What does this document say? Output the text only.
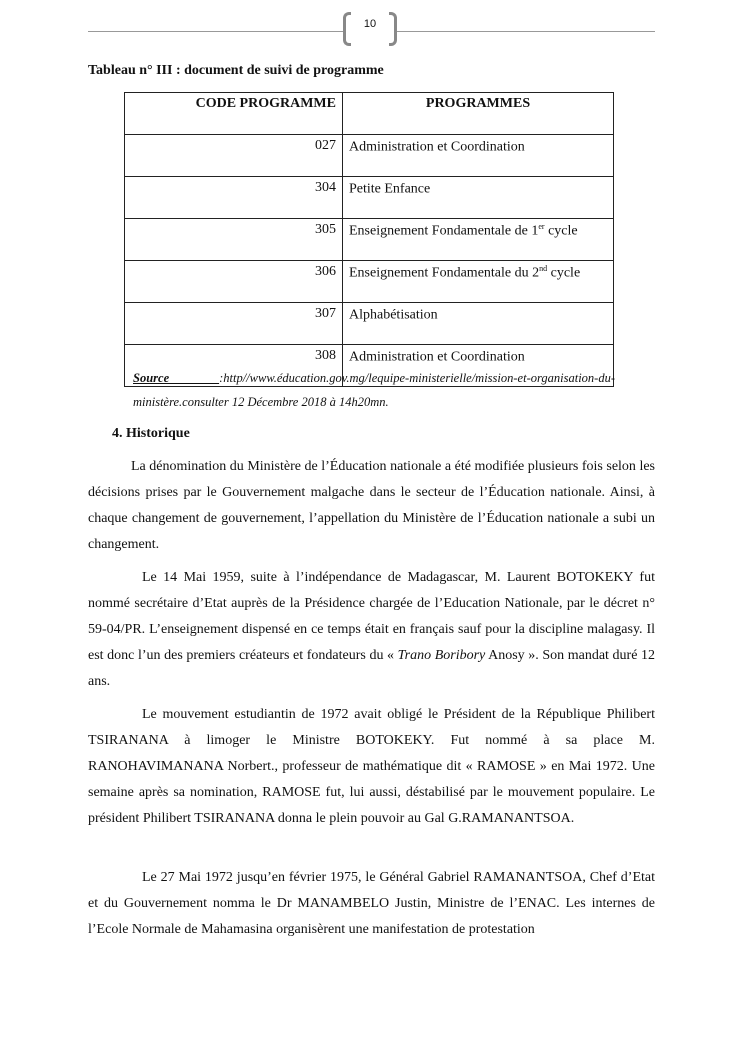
10
Tableau n° III : document de suivi de programme
CODE PROGRAMME	PROGRAMMES
027	Administration et Coordination
304	Petite Enfance
305	Enseignement Fondamentale de 1er cycle
306	Enseignement Fondamentale du 2nd cycle
307	Alphabétisation
308	Administration et Coordination
Source :http//www.éducation.gov.mg/lequipe-ministerielle/mission-et-organisation-du-ministère.consulter 12 Décembre 2018 à 14h20mn.
4. Historique
La dénomination du Ministère de l’Éducation nationale a été modifiée plusieurs fois selon les décisions prises par le Gouvernement malgache dans le secteur de l’Éducation nationale. Ainsi, à chaque changement de gouvernement, l’appellation du Ministère de l’Éducation nationale a subi un changement.
Le 14 Mai 1959, suite à l’indépendance de Madagascar, M. Laurent BOTOKEKY fut nommé secrétaire d’Etat auprès de la Présidence chargée de l’Education Nationale, par le décret n° 59-04/PR. L’enseignement dispensé en ce temps était en français sauf pour la discipline malagasy. Il est donc l’un des premiers créateurs et fondateurs du « Trano Boribory Anosy ». Son mandat duré 12 ans.
Le mouvement estudiantin de 1972 avait obligé le Président de la République Philibert TSIRANANA à limoger le Ministre BOTOKEKY. Fut nommé à sa place M. RANOHAVIMANANA Norbert., professeur de mathématique dit « RAMOSE » en Mai 1972. Une semaine après sa nomination, RAMOSE fut, lui aussi, déstabilisé par le mouvement populaire. Le président Philibert TSIRANANA donna le plein pouvoir au Gal G.RAMANANTSOA.
Le 27 Mai 1972 jusqu’en février 1975, le Général Gabriel RAMANANTSOA, Chef d’Etat et du Gouvernement nomma le Dr MANAMBELO Justin, Ministre de l’ENAC. Les internes de l’Ecole Normale de Mahamasina organisèrent une manifestation de protestation
